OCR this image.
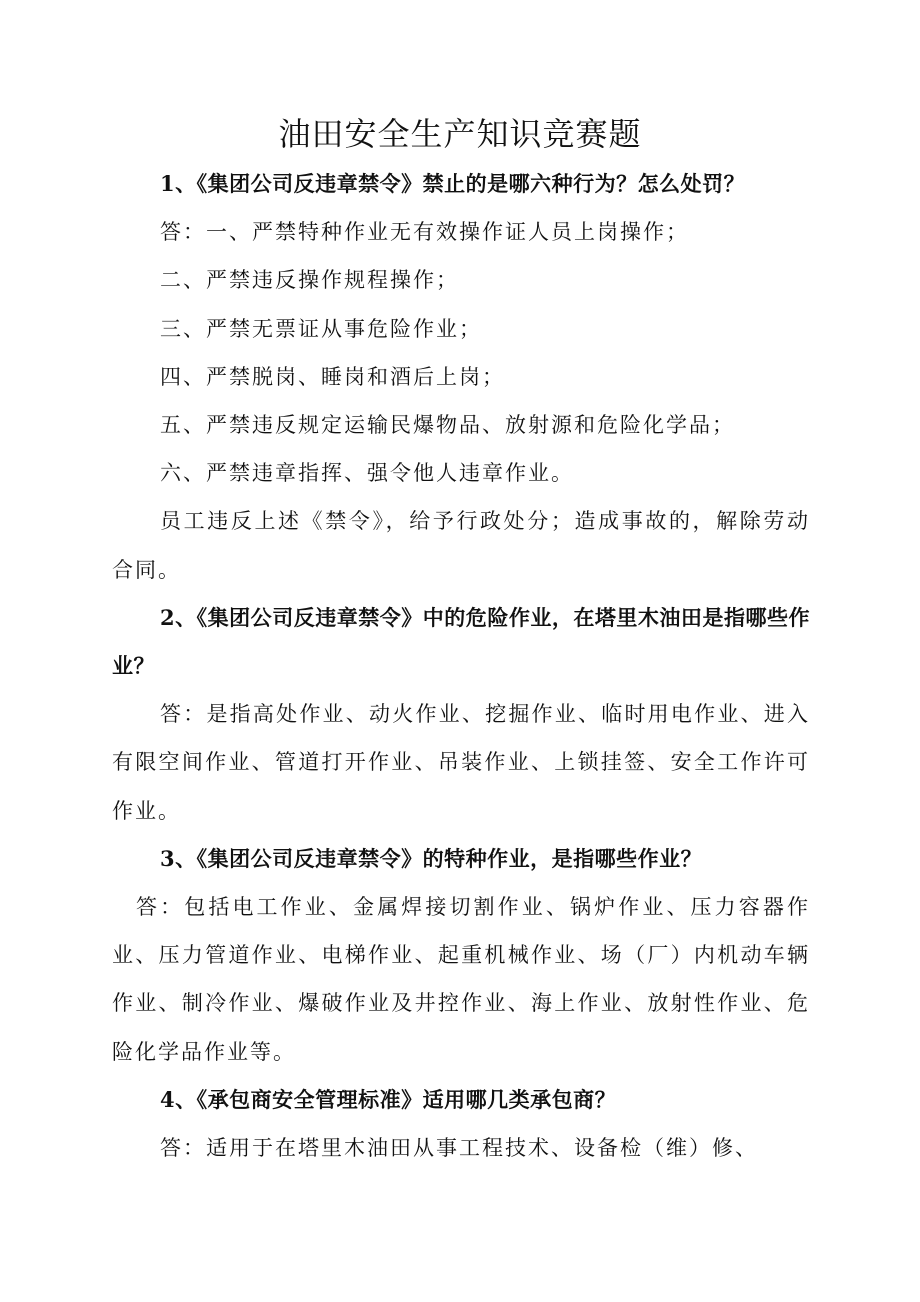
油田安全生产知识竞赛题

1、《集团公司反违章禁令》禁止的是哪六种行为？怎么处罚？

答：一、严禁特种作业无有效操作证人员上岗操作；

二、严禁违反操作规程操作；

三、严禁无票证从事危险作业；

四、严禁脱岗、睡岗和酒后上岗；

五、严禁违反规定运输民爆物品、放射源和危险化学品；

六、严禁违章指挥、强令他人违章作业。

员工违反上述《禁令》，给予行政处分；造成事故的，解除劳动合同。

2、《集团公司反违章禁令》中的危险作业，在塔里木油田是指哪些作业？

答：是指高处作业、动火作业、挖掘作业、临时用电作业、进入有限空间作业、管道打开作业、吊装作业、上锁挂签、安全工作许可作业。

3、《集团公司反违章禁令》的特种作业，是指哪些作业？

答：包括电工作业、金属焊接切割作业、锅炉作业、压力容器作业、压力管道作业、电梯作业、起重机械作业、场（厂）内机动车辆作业、制冷作业、爆破作业及井控作业、海上作业、放射性作业、危险化学品作业等。

4、《承包商安全管理标准》适用哪几类承包商？

答：适用于在塔里木油田从事工程技术、设备检（维）修、
